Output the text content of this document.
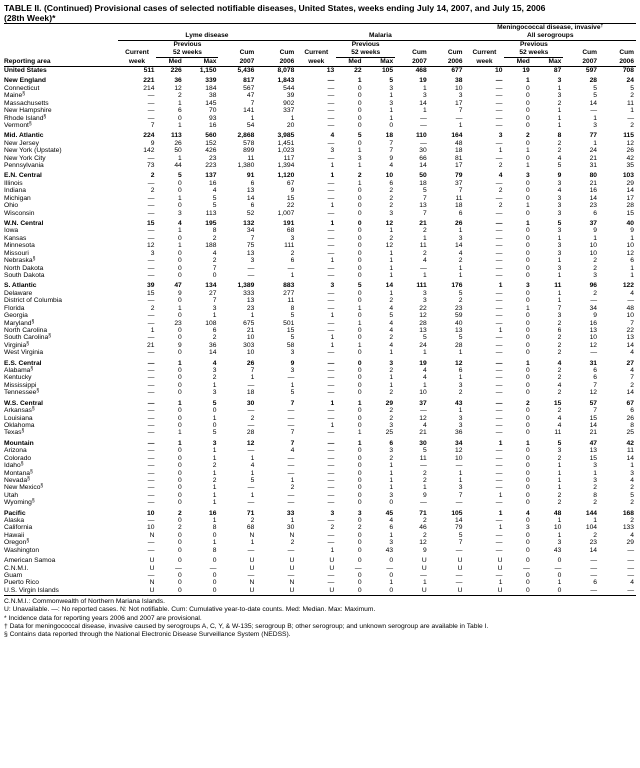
TABLE II. (Continued) Provisional cases of selected notifiable diseases, United States, weeks ending July 14, 2007, and July 15, 2006
(28th Week)*
	Lyme disease					Malaria					Meningococcal disease, invasive†
All serogroups				
		Previous					Previous					Previous			
	Current	52 weeks		Cum	Cum	Current	52 weeks		Cum	Cum	Current	52 weeks		Cum	Cum
Reporting area	week	Med	Max	2007	2006	week	Med	Max	2007	2006	week	Med	Max	2007	2006
United States	511	226	1,150	5,436	8,078	13	22	105	468	677	10	19	87	597	708

New England	221	36	339	817	1,843	—	1	5	19	38	—	1	3	28	24
Connecticut	214	12	184	567	544	—	0	3	1	10	—	0	1	5	5
Maine§	—	2	38	47	39	—	0	1	3	3	—	0	3	5	2
Massachusetts	—	1	145	7	902	—	0	3	14	17	—	0	2	14	11
New Hampshire	—	6	70	141	337	—	0	1	1	7	—	0	1	—	1
Rhode Island§	—	0	93	1	1	—	0	1	—	—	—	0	1	1	—
Vermont§	7	1	16	54	20	—	0	0	—	1	—	0	1	3	2

Mid. Atlantic	224	113	560	2,868	3,985	4	5	18	110	164	3	2	8	77	115
New Jersey	9	26	152	578	1,451	—	0	7	—	48	—	0	2	1	12
New York (Upstate)	142	50	426	899	1,023	3	1	7	30	18	1	1	2	24	26
New York City	—	1	23	11	117	—	3	9	66	81	—	0	4	21	42
Pennsylvania	73	44	223	1,380	1,394	1	1	4	14	17	2	1	5	31	35

E.N. Central	2	5	137	91	1,120	1	2	10	50	79	4	3	9	80	103
Illinois	—	0	16	6	67	—	1	6	18	37	—	0	3	21	29
Indiana	2	0	4	13	9	—	0	2	5	7	2	0	4	16	14
Michigan	—	1	5	14	15	—	0	2	7	11	—	0	3	14	17
Ohio	—	0	5	6	22	1	0	2	13	18	2	1	3	23	28
Wisconsin	—	3	113	52	1,007	—	0	3	7	6	—	0	3	6	15

W.N. Central	15	4	195	132	191	1	0	12	21	26	—	1	5	37	40
Iowa	—	1	8	34	68	—	0	1	2	1	—	0	3	9	9
Kansas	—	0	2	7	3	—	0	2	1	3	—	0	1	1	1
Minnesota	12	1	188	75	111	—	0	12	11	14	—	0	3	10	10
Missouri	3	0	4	13	2	—	0	1	2	4	—	0	3	10	12
Nebraska§	—	0	2	3	6	1	0	1	4	2	—	0	1	2	6
North Dakota	—	0	7	—	—	—	0	1	—	1	—	0	3	2	1
South Dakota	—	0	0	—	1	—	0	1	1	1	—	0	1	3	1

S. Atlantic	39	47	134	1,389	883	3	5	14	111	176	1	3	11	96	122
Delaware	15	9	27	333	277	—	0	1	3	5	—	0	1	2	4
District of Columbia	—	0	7	13	11	—	0	2	3	2	—	0	1	—	—
Florida	2	1	3	23	8	—	1	4	22	23	—	1	7	34	48
Georgia	—	0	1	1	5	1	0	5	12	59	—	0	3	9	10
Maryland§	—	23	108	675	501	—	1	4	28	40	—	0	2	16	7
North Carolina	1	0	6	21	15	—	0	4	13	13	1	0	6	13	22
South Carolina§	—	0	2	10	5	1	0	2	5	5	—	0	2	10	13
Virginia§	21	9	36	303	58	1	1	4	24	28	—	0	2	12	14
West Virginia	—	0	14	10	3	—	0	1	1	1	—	0	2	—	4

E.S. Central	—	1	4	26	9	—	0	3	19	12	—	1	4	31	27
Alabama§	—	0	3	7	3	—	0	2	4	6	—	0	2	6	4
Kentucky	—	0	2	1	—	—	0	1	4	1	—	0	2	6	7
Mississippi	—	0	1	—	1	—	0	1	1	3	—	0	4	7	2
Tennessee§	—	0	3	18	5	—	0	2	10	2	—	0	2	12	14

W.S. Central	—	1	5	30	7	1	1	29	37	43	—	2	15	57	67
Arkansas§	—	0	0	—	—	—	0	2	—	1	—	0	2	7	6
Louisiana	—	0	1	2	—	—	0	2	12	3	—	0	4	15	26
Oklahoma	—	0	0	—	—	1	0	3	4	3	—	0	4	14	8
Texas§	—	1	5	28	7	—	1	25	21	36	—	0	11	21	25

Mountain	—	1	3	12	7	—	1	6	30	34	1	1	5	47	42
Arizona	—	0	1	—	4	—	0	3	5	12	—	0	3	13	11
Colorado	—	0	1	1	—	—	0	2	11	10	—	0	2	15	14
Idaho§	—	0	2	4	—	—	0	1	—	—	—	0	1	3	1
Montana§	—	0	1	1	—	—	0	1	2	1	—	0	1	1	3
Nevada§	—	0	2	5	1	—	0	1	2	1	—	0	1	3	4
New Mexico§	—	0	1	—	2	—	0	1	1	3	—	0	1	2	2
Utah	—	0	1	1	—	—	0	3	9	7	1	0	2	8	5
Wyoming§	—	0	1	—	—	—	0	0	—	—	—	0	2	2	2

Pacific	10	2	16	71	33	3	3	45	71	105	1	4	48	144	168
Alaska	—	0	1	2	1	—	0	4	2	14	—	0	1	1	2
California	10	2	8	68	30	2	2	6	46	79	1	3	10	104	133
Hawaii	N	0	0	N	N	—	0	1	2	5	—	0	1	2	4
Oregon§	—	0	1	1	2	—	0	3	12	7	—	0	3	23	29
Washington	—	0	8	—	—	1	0	43	9	—	—	0	43	14	—

American Samoa	U	0	0	U	U	U	0	0	U	U	U	0	0	—	—
C.N.M.I.	U	—	—	U	U	U	—	—	U	U	U	—	—	—	—
Guam	—	0	0	—	—	—	0	0	—	—	—	0	0	—	—
Puerto Rico	N	0	0	N	N	—	0	1	1	—	1	0	1	6	4
U.S. Virgin Islands	U	0	0	U	U	U	0	0	U	U	U	0	0	—	—
C.N.M.I.: Commonwealth of Northern Mariana Islands.
U: Unavailable. —: No reported cases. N: Not notifiable. Cum: Cumulative year-to-date counts. Med: Median. Max: Maximum.
* Incidence data for reporting years 2006 and 2007 are provisional.
† Data for meningococcal disease, invasive caused by serogroups A, C, Y, & W-135; serogroup B; other serogroup; and unknown serogroup are available in Table I.
§ Contains data reported through the National Electronic Disease Surveillance System (NEDSS).
